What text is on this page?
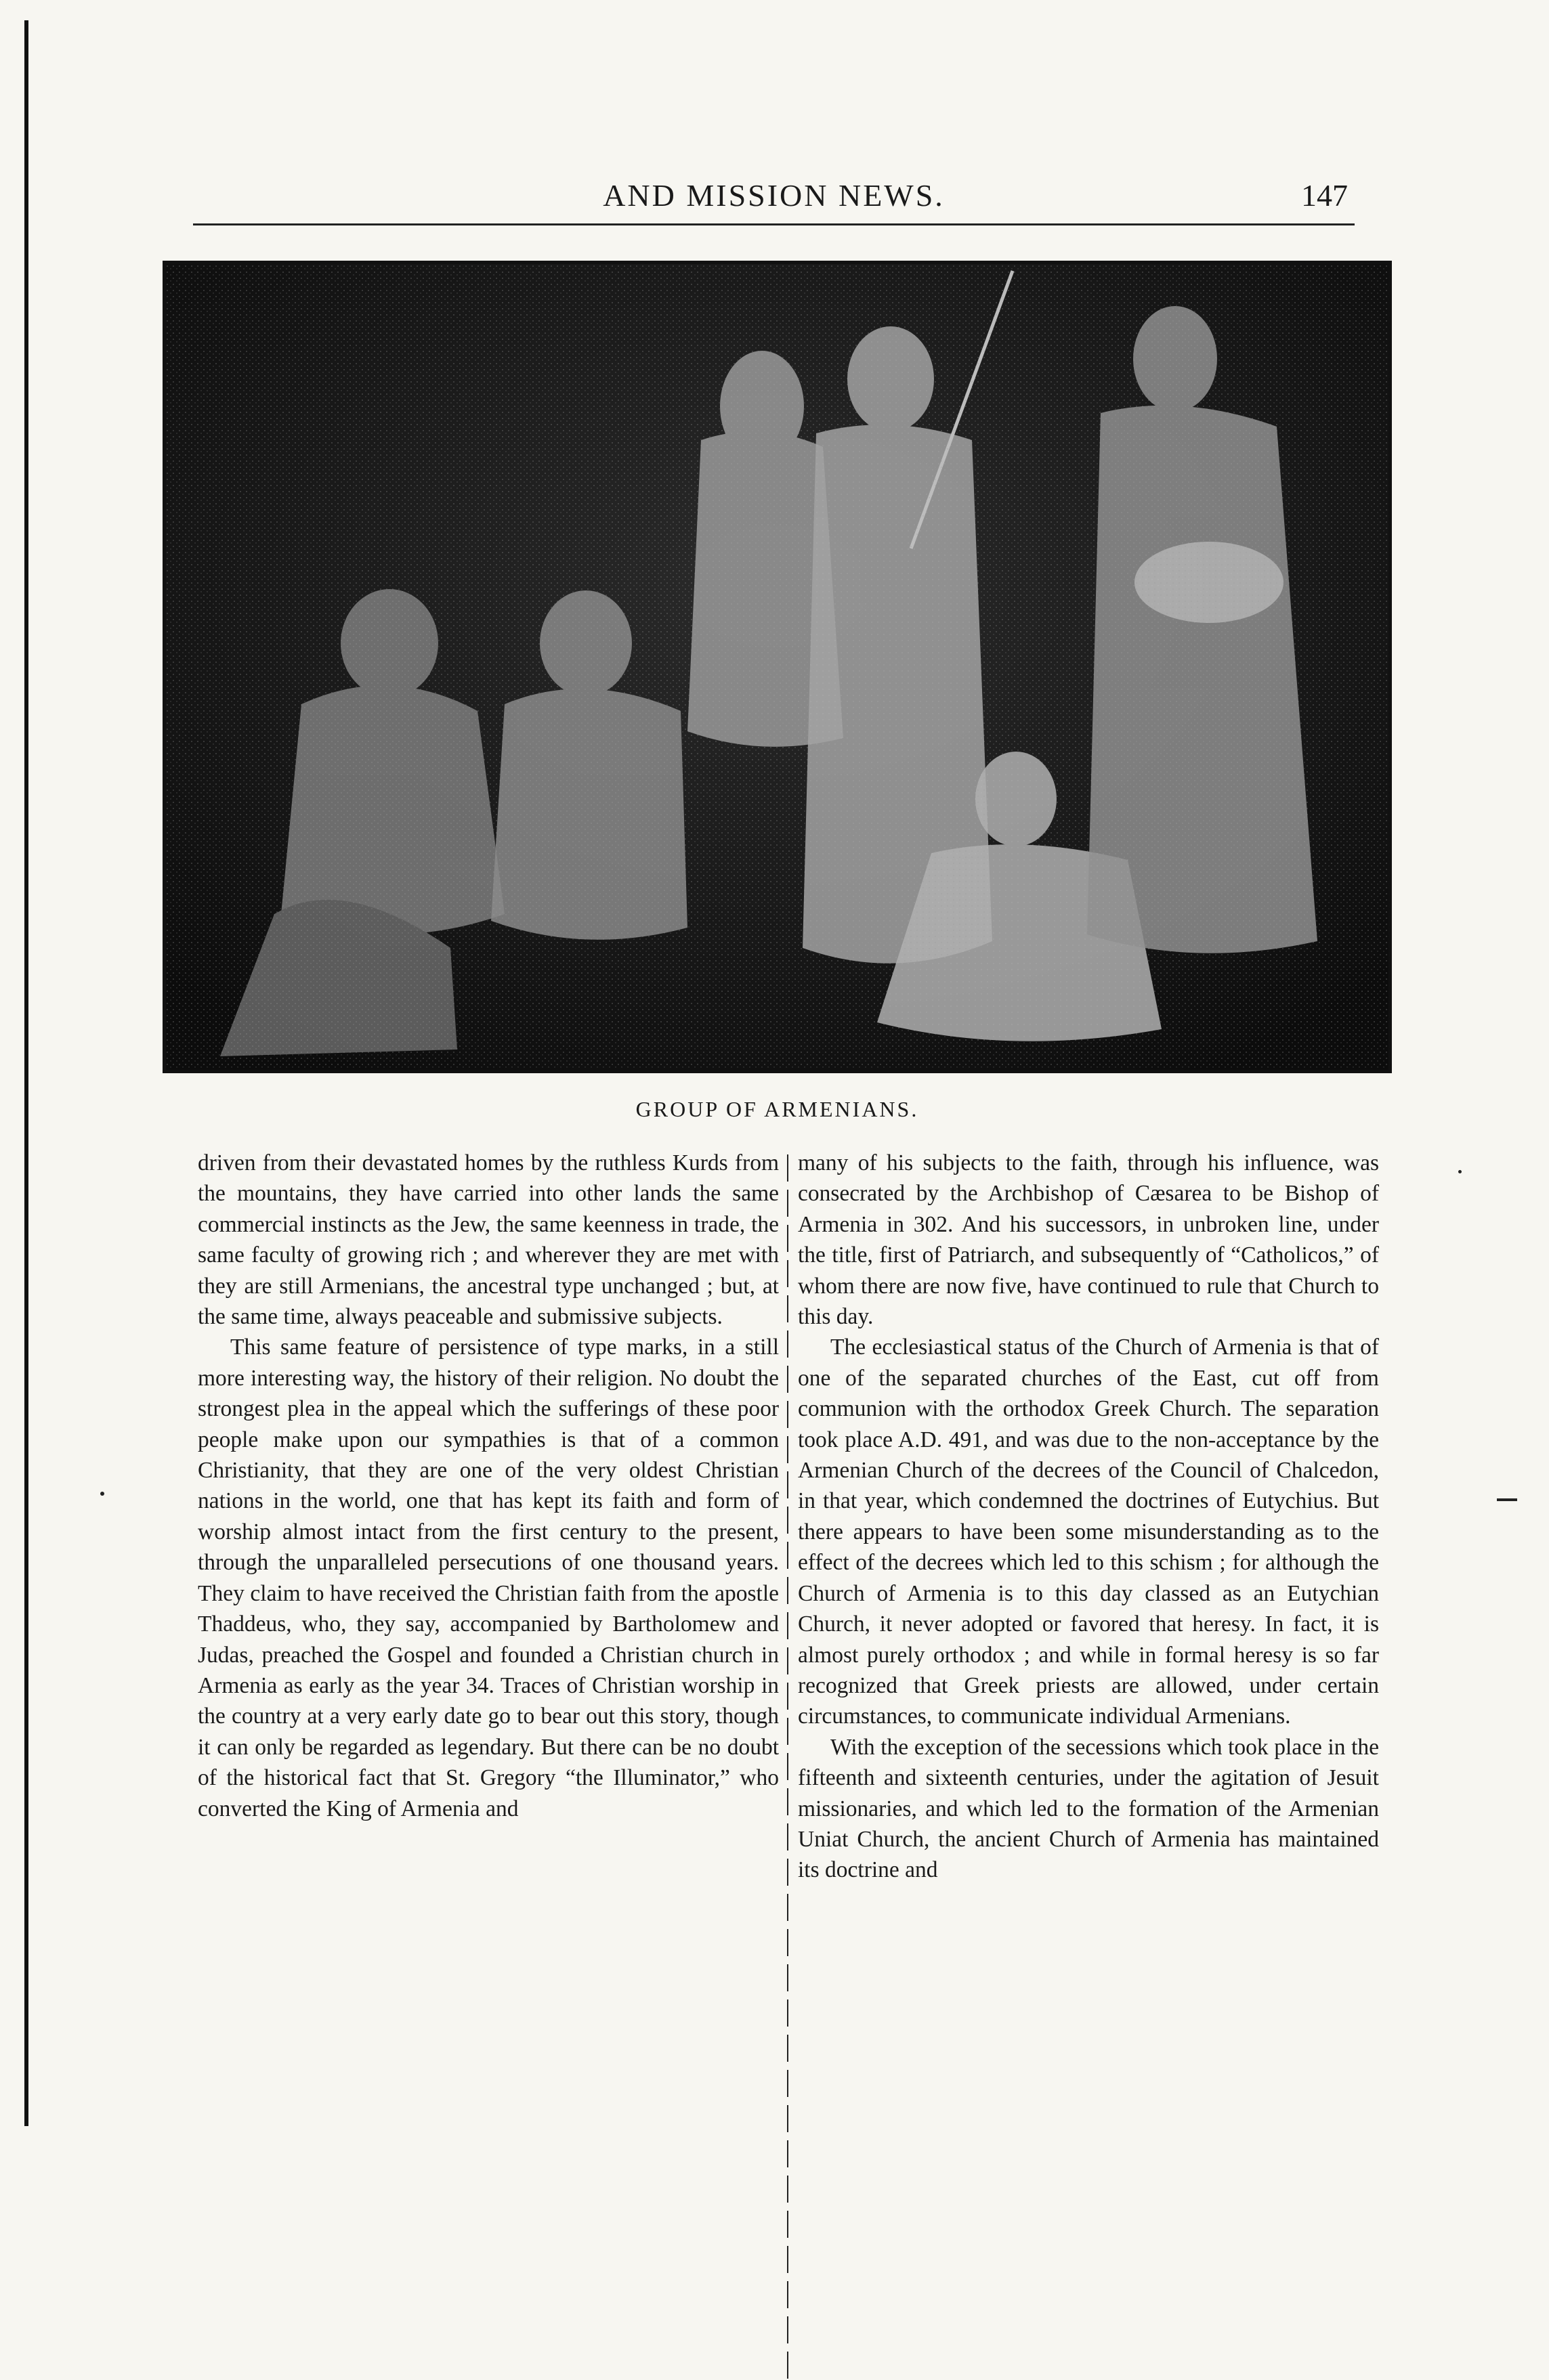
AND MISSION NEWS.	147
GROUP OF ARMENIANS.

driven from their devastated homes by the ruthless Kurds from the mountains, they have carried into other lands the same commercial instincts as the Jew, the same keenness in trade, the same faculty of growing rich ; and wherever they are met with they are still Armenians, the ancestral type unchanged ; but, at the same time, always peaceable and submissive subjects.

This same feature of persistence of type marks, in a still more interesting way, the history of their religion. No doubt the strongest plea in the appeal which the sufferings of these poor people make upon our sympathies is that of a common Christianity, that they are one of the very oldest Christian nations in the world, one that has kept its faith and form of worship almost intact from the first century to the present, through the unparalleled persecutions of one thousand years. They claim to have received the Christian faith from the apostle Thaddeus, who, they say, accompanied by Bartholomew and Judas, preached the Gospel and founded a Christian church in Armenia as early as the year 34. Traces of Christian worship in the country at a very early date go to bear out this story, though it can only be regarded as legendary. But there can be no doubt of the historical fact that St. Gregory “the Illuminator,” who converted the King of Armenia and

many of his subjects to the faith, through his influence, was consecrated by the Archbishop of Cæsarea to be Bishop of Armenia in 302. And his successors, in unbroken line, under the title, first of Patriarch, and subsequently of “Catholicos,” of whom there are now five, have continued to rule that Church to this day.

The ecclesiastical status of the Church of Armenia is that of one of the separated churches of the East, cut off from communion with the orthodox Greek Church. The separation took place A.D. 491, and was due to the non-acceptance by the Armenian Church of the decrees of the Council of Chalcedon, in that year, which condemned the doctrines of Eutychius. But there appears to have been some misunderstanding as to the effect of the decrees which led to this schism ; for although the Church of Armenia is to this day classed as an Eutychian Church, it never adopted or favored that heresy. In fact, it is almost purely orthodox ; and while in formal heresy is so far recognized that Greek priests are allowed, under certain circumstances, to communicate individual Armenians.

With the exception of the secessions which took place in the fifteenth and sixteenth centuries, under the agitation of Jesuit missionaries, and which led to the formation of the Armenian Uniat Church, the ancient Church of Armenia has maintained its doctrine and
